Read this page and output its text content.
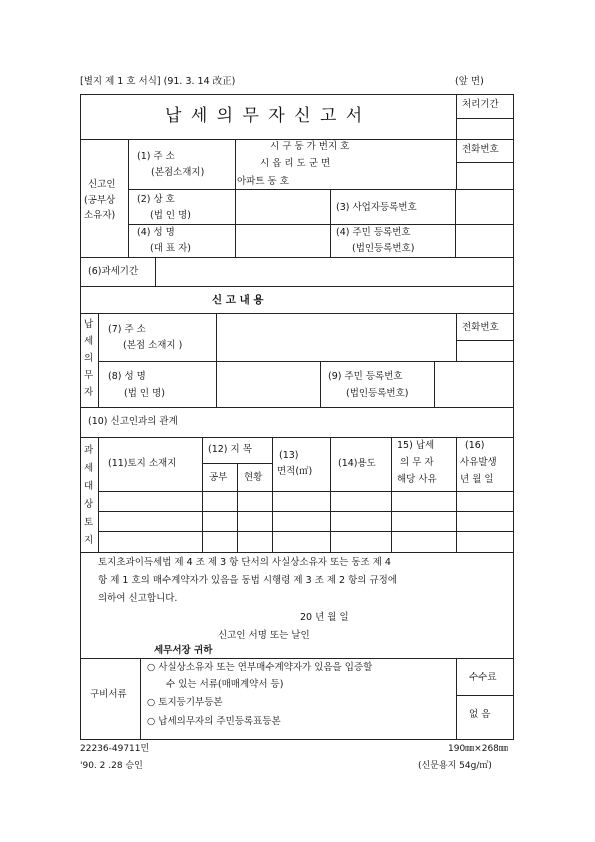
[별지 제 1 호 서식] (91. 3. 14 改正)	(앞 면)
납 세 의 무 자 신 고 서
처리기간
전화번호
신고인
(공부상
소유자)
(1) 주 소
(본점소재지)
시 구 동 가 번지 호
시 읍 리 도 군 면
아파트 동 호
(2) 상 호
(법 인 명)
(3) 사업자등록번호
(4) 성 명
(대 표 자)
(4) 주민 등록번호
(법인등록번호)
(6)과세기간
신 고 내 용
납
세
의
무
자
(7) 주 소
(본점 소재지 )
전화번호
(8) 성 명
(법 인 명)
(9) 주민 등록번호
(법인등록번호)
(10) 신고인과의 관계
과
세
대
상
토
지
(11)토지 소재지
(12) 지 목
공부 현황
(13)
면적(㎡)
(14)용도
15) 납세
의 무 자
해당 사유
(16)
사유발생
년 월 일
토지초과이득세법 제 4 조 제 3 항 단서의 사실상소유자 또는 동조 제 4
항 제 1 호의 매수계약자가 있음을 동법 시행령 제 3 조 제 2 항의 규정에
의하여 신고합니다.
20 년 월 일
신고인 서명 또는 날인
세무서장 귀하
구비서류
○ 사실상소유자 또는 연부매수계약자가 있음을 입증할
수 있는 서류(매매계약서 등)
○ 토지등기부등본
○ 납세의무자의 주민등록표등본
수수료
없 음
22236-49711민
'90. 2 .28 승인
190㎜×268㎜
(신문용지 54g/㎡)
